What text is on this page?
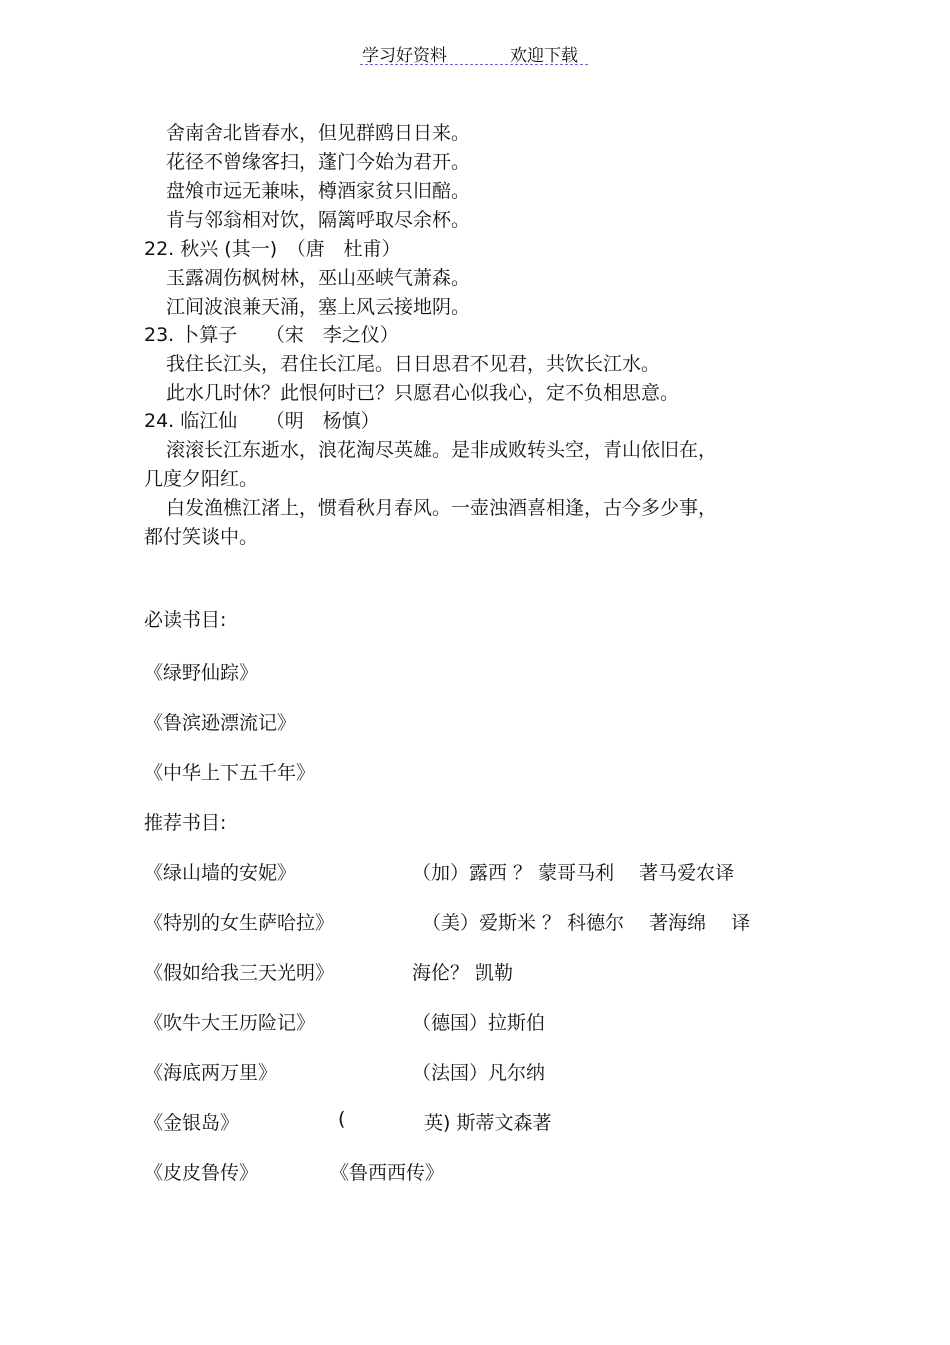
学习好资料	欢迎下载
舍南舍北皆春水，但见群鸥日日来。
花径不曾缘客扫，蓬门今始为君开。
盘飧市远无兼味，樽酒家贫只旧醅。
肯与邻翁相对饮，隔篱呼取尽余杯。
22. 秋兴 (其一)　（唐　杜甫）
玉露凋伤枫树林，巫山巫峡气萧森。
江间波浪兼天涌，塞上风云接地阴。
23. 卜算子　　（宋　李之仪）
我住长江头，君住长江尾。日日思君不见君，共饮长江水。
此水几时休？此恨何时已？只愿君心似我心，定不负相思意。
24. 临江仙　　（明　杨慎）
滚滚长江东逝水，浪花淘尽英雄。是非成败转头空，青山依旧在，
几度夕阳红。
白发渔樵江渚上，惯看秋月春风。一壶浊酒喜相逢，古今多少事，
都付笑谈中。
必读书目:
《绿野仙踪》
《鲁滨逊漂流记》
《中华上下五千年》
推荐书目:
《绿山墙的安妮》	（加）露西 ？ 蒙哥马利　 著马爱农译
《特别的女生萨哈拉》	（美）爱斯米 ？ 科德尔　 著海绵　 译
《假如给我三天光明》	海伦？ 凯勒
《吹牛大王历险记》	（德国）拉斯伯
《海底两万里》	（法国）凡尔纳
《金银岛》	(	英) 斯蒂文森著
《皮皮鲁传》	《鲁西西传》
